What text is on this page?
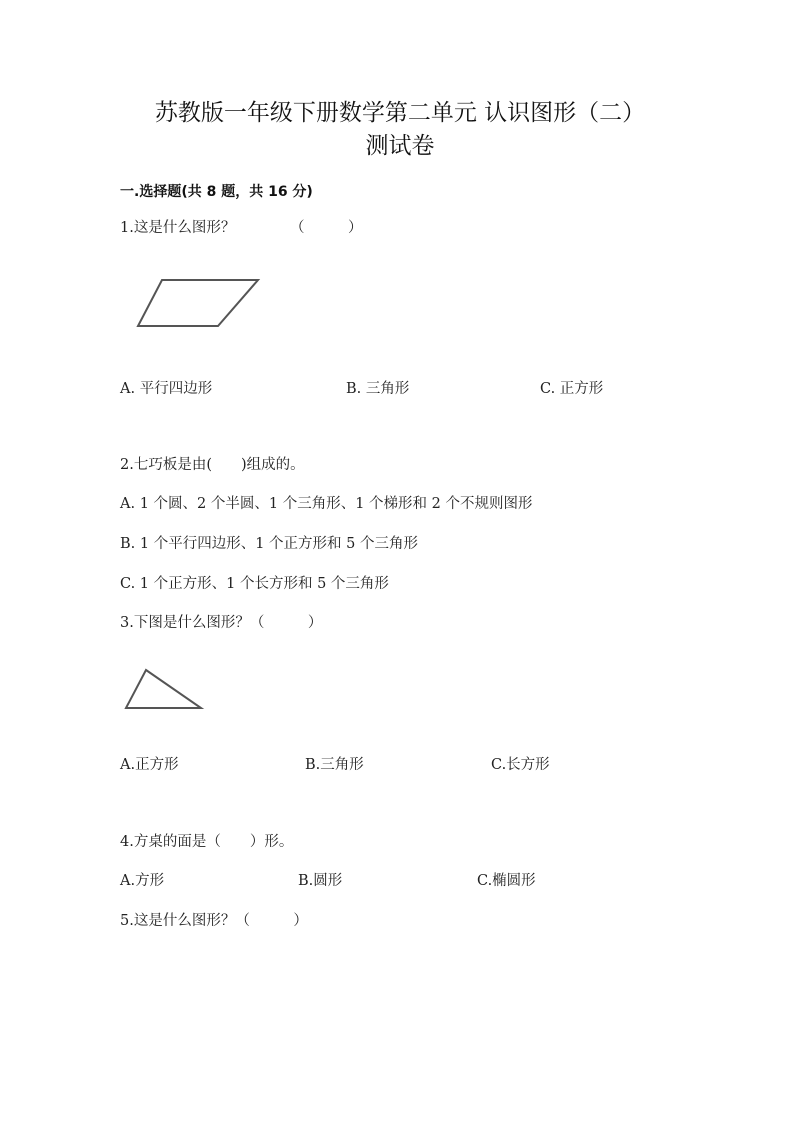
苏教版一年级下册数学第二单元 认识图形（二）
测试卷
一.选择题(共 8 题，共 16 分)
1.这是什么图形？	（　　　）
A. 平行四边形	B. 三角形	C. 正方形
2.七巧板是由(　　)组成的。
A. 1 个圆、2 个半圆、1 个三角形、1 个梯形和 2 个不规则图形
B. 1 个平行四边形、1 个正方形和 5 个三角形
C. 1 个正方形、1 个长方形和 5 个三角形
3.下图是什么图形？（　　　）
A.正方形	B.三角形	C.长方形
4.方桌的面是（　　）形。
A.方形	B.圆形	C.椭圆形
5.这是什么图形？（　　　）
